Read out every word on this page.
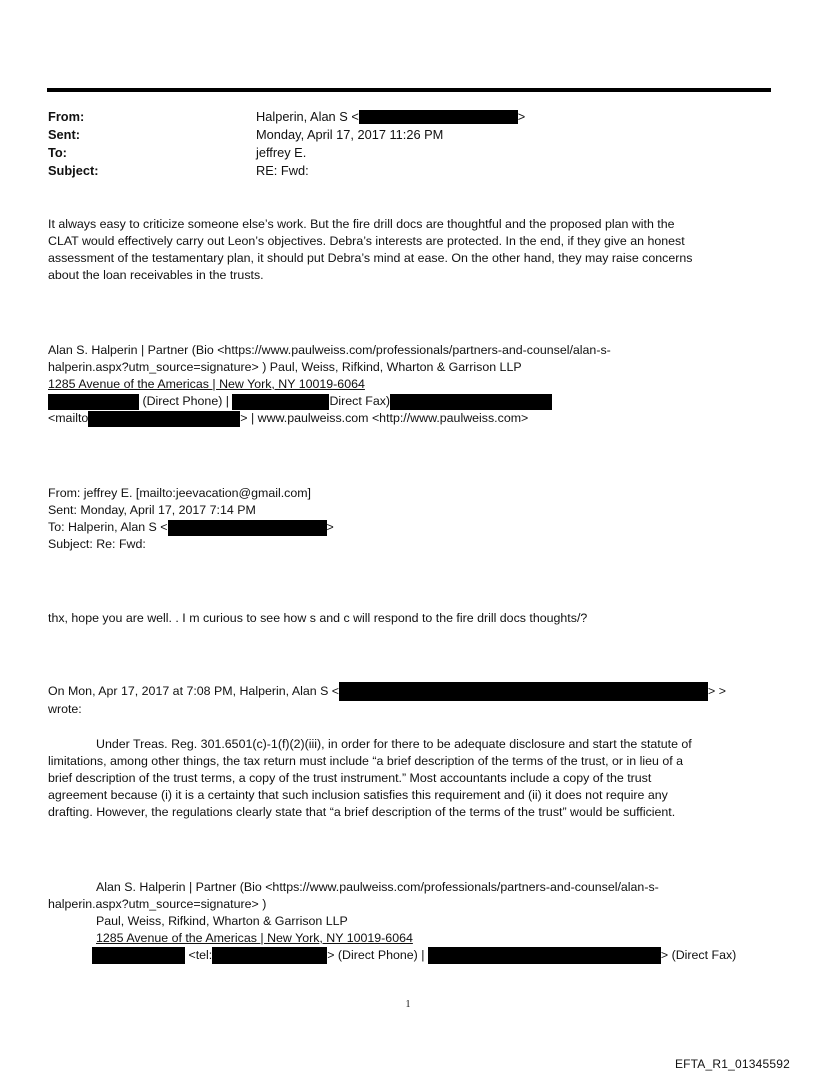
From:	Halperin, Alan S <	>
Sent:	Monday, April 17, 2017 11:26 PM
To:	jeffrey E.
Subject:	RE: Fwd:
It always easy to criticize someone else’s work. But the fire drill docs are thoughtful and the proposed plan with the
CLAT would effectively carry out Leon’s objectives. Debra’s interests are protected. In the end, if they give an honest
assessment of the testamentary plan, it should put Debra’s mind at ease. On the other hand, they may raise concerns
about the loan receivables in the trusts.
Alan S. Halperin | Partner (Bio <https://www.paulweiss.com/professionals/partners-and-counsel/alan-s-
halperin.aspx?utm_source=signature> ) Paul, Weiss, Rifkind, Wharton & Garrison LLP
1285 Avenue of the Americas | New York, NY 10019-6064
(Direct Phone) |	Direct Fax)
<mailto	> | www.paulweiss.com <http://www.paulweiss.com>
From: jeffrey E. [mailto:jeevacation@gmail.com]
Sent: Monday, April 17, 2017 7:14 PM
To: Halperin, Alan S <	>
Subject: Re: Fwd:
thx, hope you are well. . I m curious to see how s and c will respond to the fire drill docs thoughts/?
On Mon, Apr 17, 2017 at 7:08 PM, Halperin, Alan S <	> >
wrote:
Under Treas. Reg. 301.6501(c)-1(f)(2)(iii), in order for there to be adequate disclosure and start the statute of
limitations, among other things, the tax return must include “a brief description of the terms of the trust, or in lieu of a
brief description of the trust terms, a copy of the trust instrument.” Most accountants include a copy of the trust
agreement because (i) it is a certainty that such inclusion satisfies this requirement and (ii) it does not require any
drafting. However, the regulations clearly state that “a brief description of the terms of the trust” would be sufficient.
Alan S. Halperin | Partner (Bio <https://www.paulweiss.com/professionals/partners-and-counsel/alan-s-
halperin.aspx?utm_source=signature> )
Paul, Weiss, Rifkind, Wharton & Garrison LLP
1285 Avenue of the Americas | New York, NY 10019-6064
<tel:	> (Direct Phone) |	> (Direct Fax)
1
EFTA_R1_01345592
